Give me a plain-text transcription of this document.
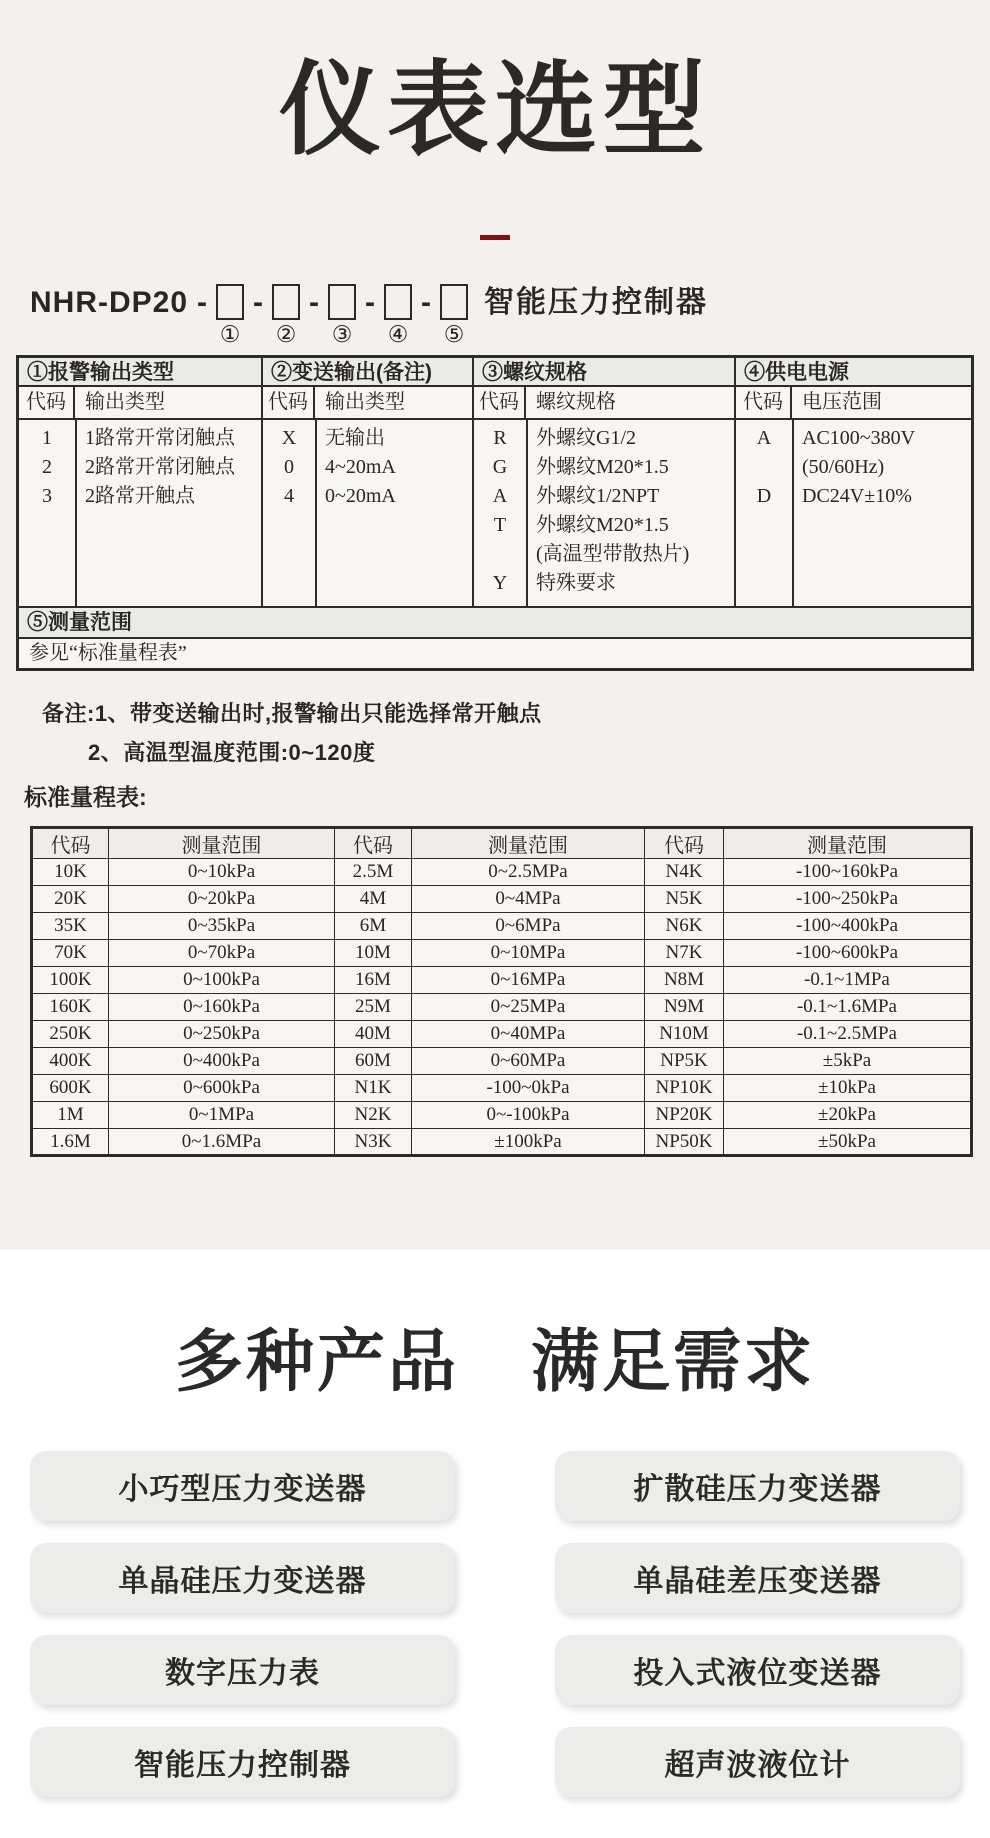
仪表选型
NHR-DP20 -
①
-
②
-
③
-
④
-
⑤
智能压力控制器
①报警输出类型
代码 输出类型
1	1路常开常闭触点
2	2路常开常闭触点
3	2路常开触点
②变送输出(备注)
代码 输出类型
X	无输出
0	4~20mA
4	0~20mA
③螺纹规格
代码 螺纹规格
R	外螺纹G1/2
G	外螺纹M20*1.5
A	外螺纹1/2NPT
T	外螺纹M20*1.5
(高温型带散热片)
Y	特殊要求
④供电电源
代码 电压范围
A	AC100~380V
(50/60Hz)
D	DC24V±10%
⑤测量范围
参见“标准量程表”
备注:1、带变送输出时,报警输出只能选择常开触点
2、高温型温度范围:0~120度
标准量程表:
代码	测量范围	代码	测量范围	代码	测量范围
10K	0~10kPa	2.5M	0~2.5MPa	N4K	-100~160kPa
20K	0~20kPa	4M	0~4MPa	N5K	-100~250kPa
35K	0~35kPa	6M	0~6MPa	N6K	-100~400kPa
70K	0~70kPa	10M	0~10MPa	N7K	-100~600kPa
100K	0~100kPa	16M	0~16MPa	N8M	-0.1~1MPa
160K	0~160kPa	25M	0~25MPa	N9M	-0.1~1.6MPa
250K	0~250kPa	40M	0~40MPa	N10M	-0.1~2.5MPa
400K	0~400kPa	60M	0~60MPa	NP5K	±5kPa
600K	0~600kPa	N1K	-100~0kPa	NP10K	±10kPa
1M	0~1MPa	N2K	0~-100kPa	NP20K	±20kPa
1.6M	0~1.6MPa	N3K	±100kPa	NP50K	±50kPa
多种产品 满足需求
小巧型压力变送器
单晶硅压力变送器
数字压力表
智能压力控制器
扩散硅压力变送器
单晶硅差压变送器
投入式液位变送器
超声波液位计
